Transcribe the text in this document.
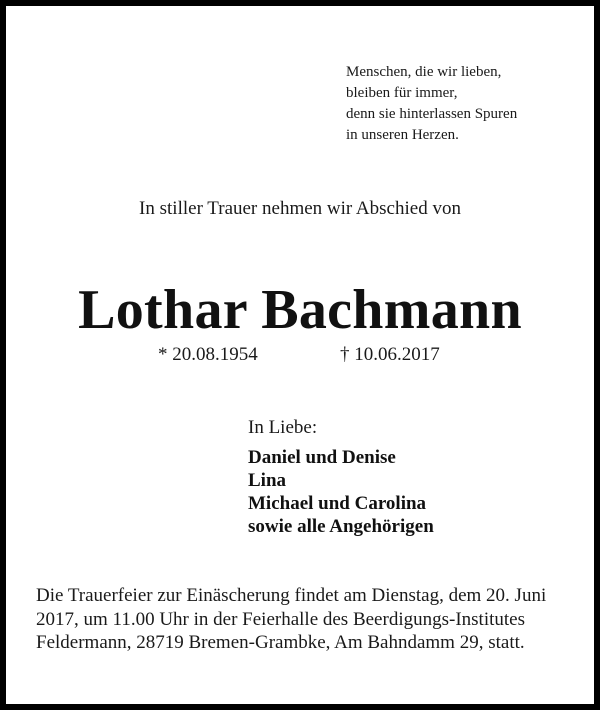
Menschen, die wir lieben,
bleiben für immer,
denn sie hinterlassen Spuren
in unseren Herzen.
In stiller Trauer nehmen wir Abschied von
Lothar Bachmann
* 20.08.1954	† 10.06.2017
In Liebe:
Daniel und Denise
Lina
Michael und Carolina
sowie alle Angehörigen
Die Trauerfeier zur Einäscherung findet am Dienstag, dem 20. Juni
2017, um 11.00 Uhr in der Feierhalle des Beerdigungs-Institutes
Feldermann, 28719 Bremen-Grambke, Am Bahndamm 29, statt.
